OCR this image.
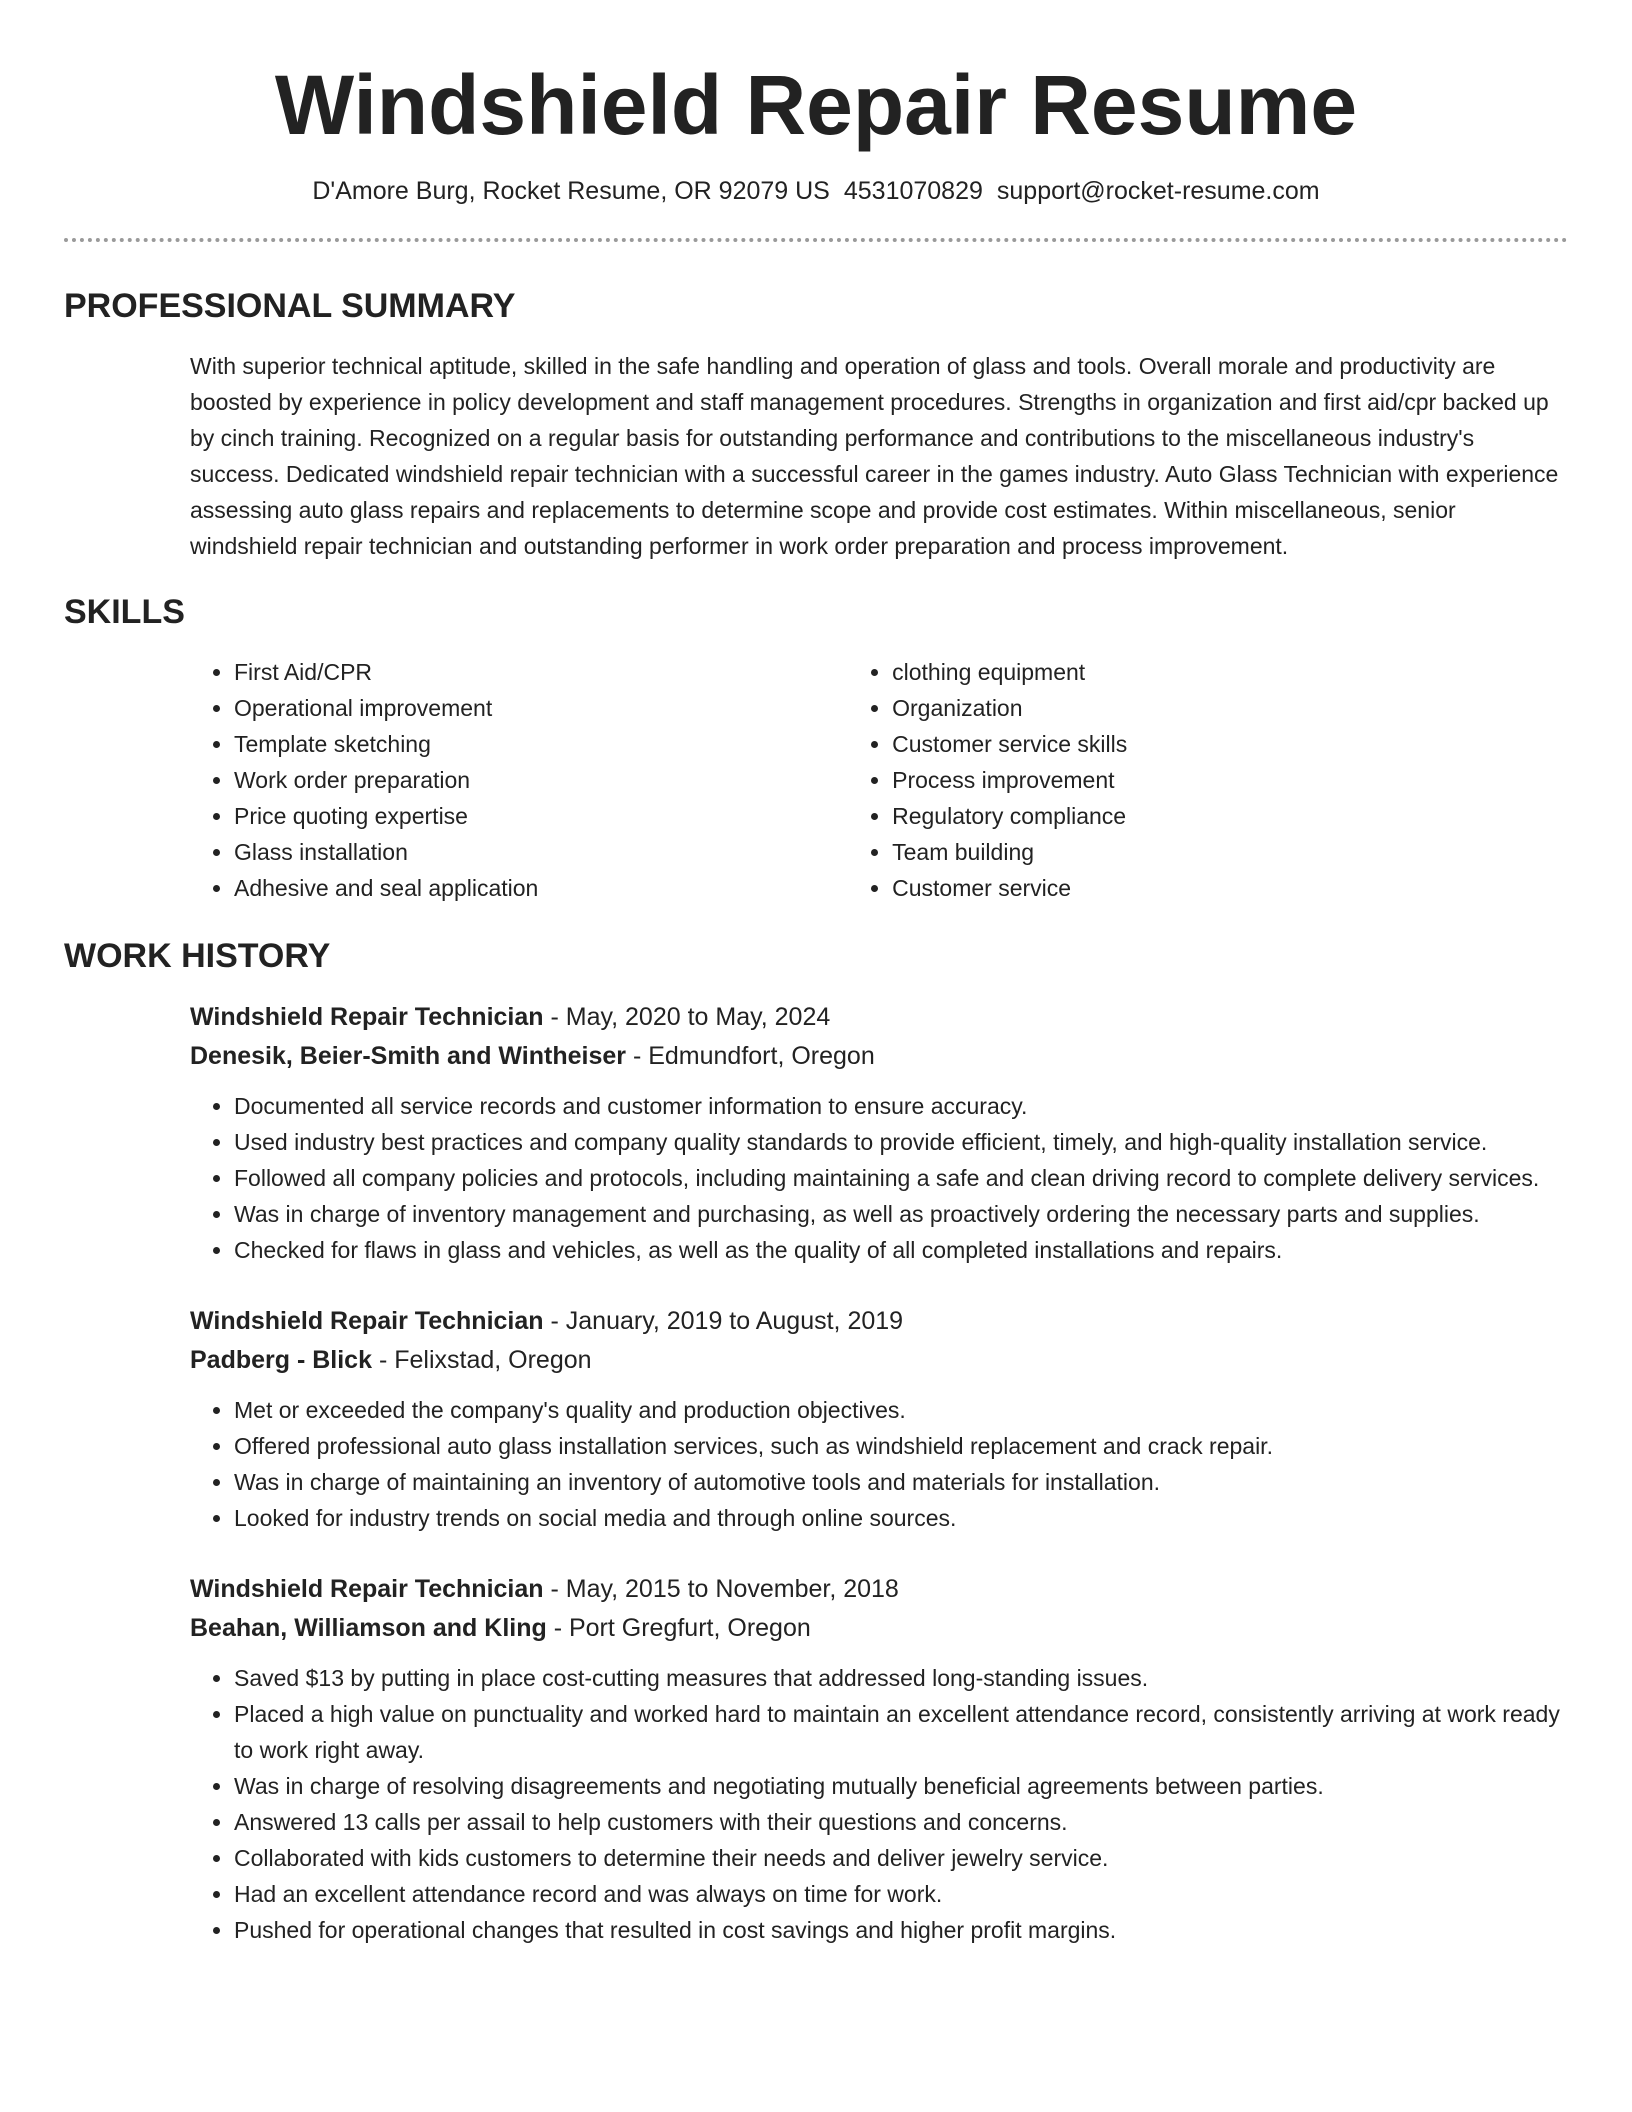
Windshield Repair Resume
D'Amore Burg, Rocket Resume, OR 92079 US 4531070829 support@rocket-resume.com
PROFESSIONAL SUMMARY

With superior technical aptitude, skilled in the safe handling and operation of glass and tools. Overall morale and productivity are boosted by experience in policy development and staff management procedures. Strengths in organization and first aid/cpr backed up by cinch training. Recognized on a regular basis for outstanding performance and contributions to the miscellaneous industry's success. Dedicated windshield repair technician with a successful career in the games industry. Auto Glass Technician with experience assessing auto glass repairs and replacements to determine scope and provide cost estimates. Within miscellaneous, senior windshield repair technician and outstanding performer in work order preparation and process improvement.

SKILLS
• First Aid/CPR
• Operational improvement
• Template sketching
• Work order preparation
• Price quoting expertise
• Glass installation
• Adhesive and seal application
• clothing equipment
• Organization
• Customer service skills
• Process improvement
• Regulatory compliance
• Team building
• Customer service
WORK HISTORY
Windshield Repair Technician - May, 2020 to May, 2024
Denesik, Beier-Smith and Wintheiser - Edmundfort, Oregon
• Documented all service records and customer information to ensure accuracy.
• Used industry best practices and company quality standards to provide efficient, timely, and high-quality installation service.
• Followed all company policies and protocols, including maintaining a safe and clean driving record to complete delivery services.
• Was in charge of inventory management and purchasing, as well as proactively ordering the necessary parts and supplies.
• Checked for flaws in glass and vehicles, as well as the quality of all completed installations and repairs.
Windshield Repair Technician - January, 2019 to August, 2019
Padberg - Blick - Felixstad, Oregon
• Met or exceeded the company's quality and production objectives.
• Offered professional auto glass installation services, such as windshield replacement and crack repair.
• Was in charge of maintaining an inventory of automotive tools and materials for installation.
• Looked for industry trends on social media and through online sources.
Windshield Repair Technician - May, 2015 to November, 2018
Beahan, Williamson and Kling - Port Gregfurt, Oregon
• Saved $13 by putting in place cost-cutting measures that addressed long-standing issues.
• Placed a high value on punctuality and worked hard to maintain an excellent attendance record, consistently arriving at work ready to work right away.
• Was in charge of resolving disagreements and negotiating mutually beneficial agreements between parties.
• Answered 13 calls per assail to help customers with their questions and concerns.
• Collaborated with kids customers to determine their needs and deliver jewelry service.
• Had an excellent attendance record and was always on time for work.
• Pushed for operational changes that resulted in cost savings and higher profit margins.
